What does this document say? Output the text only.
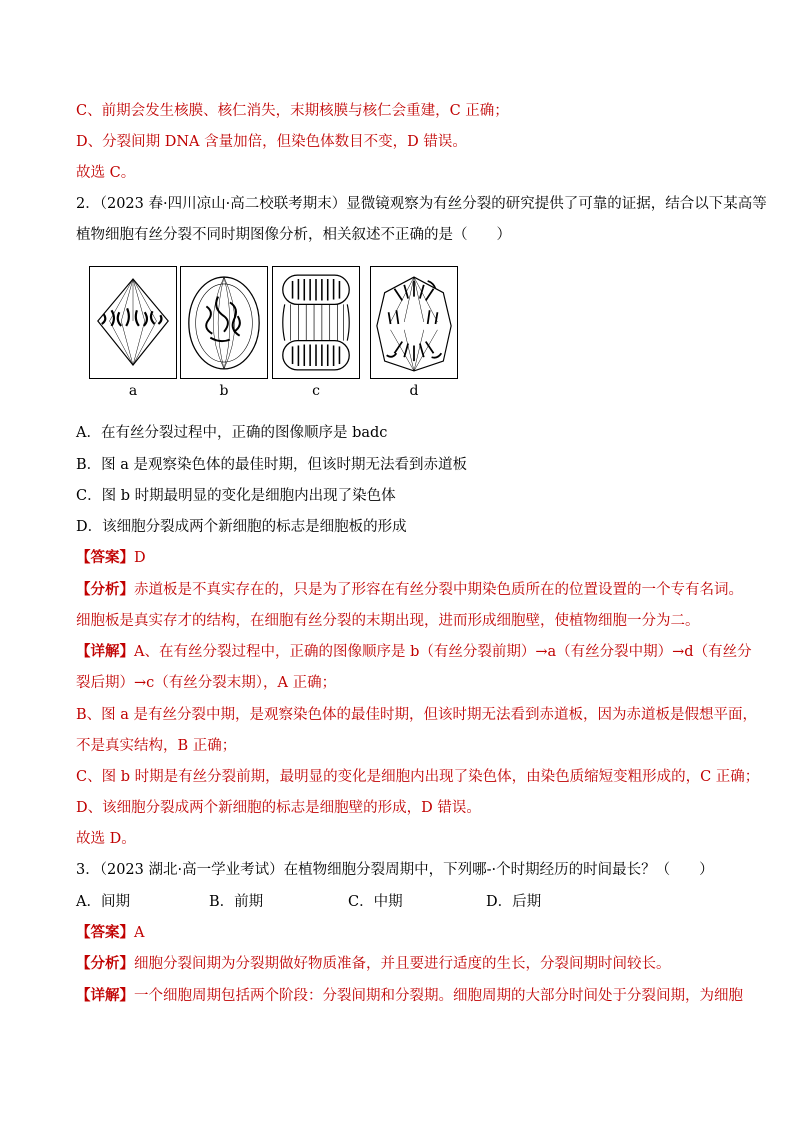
C、前期会发生核膜、核仁消失，末期核膜与核仁会重建，C 正确；
D、分裂间期 DNA 含量加倍，但染色体数目不变，D 错误。
故选 C。
2．（2023 春·四川凉山·高二校联考期末）显微镜观察为有丝分裂的研究提供了可靠的证据，结合以下某高等
植物细胞有丝分裂不同时期图像分析，相关叙述不正确的是（　　）
a	b	c	d
A．在有丝分裂过程中，正确的图像顺序是 badc
B．图 a 是观察染色体的最佳时期，但该时期无法看到赤道板
C．图 b 时期最明显的变化是细胞内出现了染色体
D．该细胞分裂成两个新细胞的标志是细胞板的形成
【答案】D
【分析】赤道板是不真实存在的，只是为了形容在有丝分裂中期染色质所在的位置设置的一个专有名词。
细胞板是真实存才的结构，在细胞有丝分裂的末期出现，进而形成细胞壁，使植物细胞一分为二。
【详解】A、在有丝分裂过程中，正确的图像顺序是 b（有丝分裂前期）→a（有丝分裂中期）→d（有丝分
裂后期）→c（有丝分裂末期），A 正确；
B、图 a 是有丝分裂中期，是观察染色体的最佳时期，但该时期无法看到赤道板，因为赤道板是假想平面，
不是真实结构，B 正确；
C、图 b 时期是有丝分裂前期，最明显的变化是细胞内出现了染色体，由染色质缩短变粗形成的，C 正确；
D、该细胞分裂成两个新细胞的标志是细胞壁的形成，D 错误。
故选 D。
3．（2023 湖北·高一学业考试）在植物细胞分裂周期中，下列哪-·个时期经历的时间最长？（　　）
A．间期	B．前期	C．中期	D．后期
【答案】A
【分析】细胞分裂间期为分裂期做好物质准备，并且要进行适度的生长，分裂间期时间较长。
【详解】一个细胞周期包括两个阶段：分裂间期和分裂期。细胞周期的大部分时间处于分裂间期，为细胞
